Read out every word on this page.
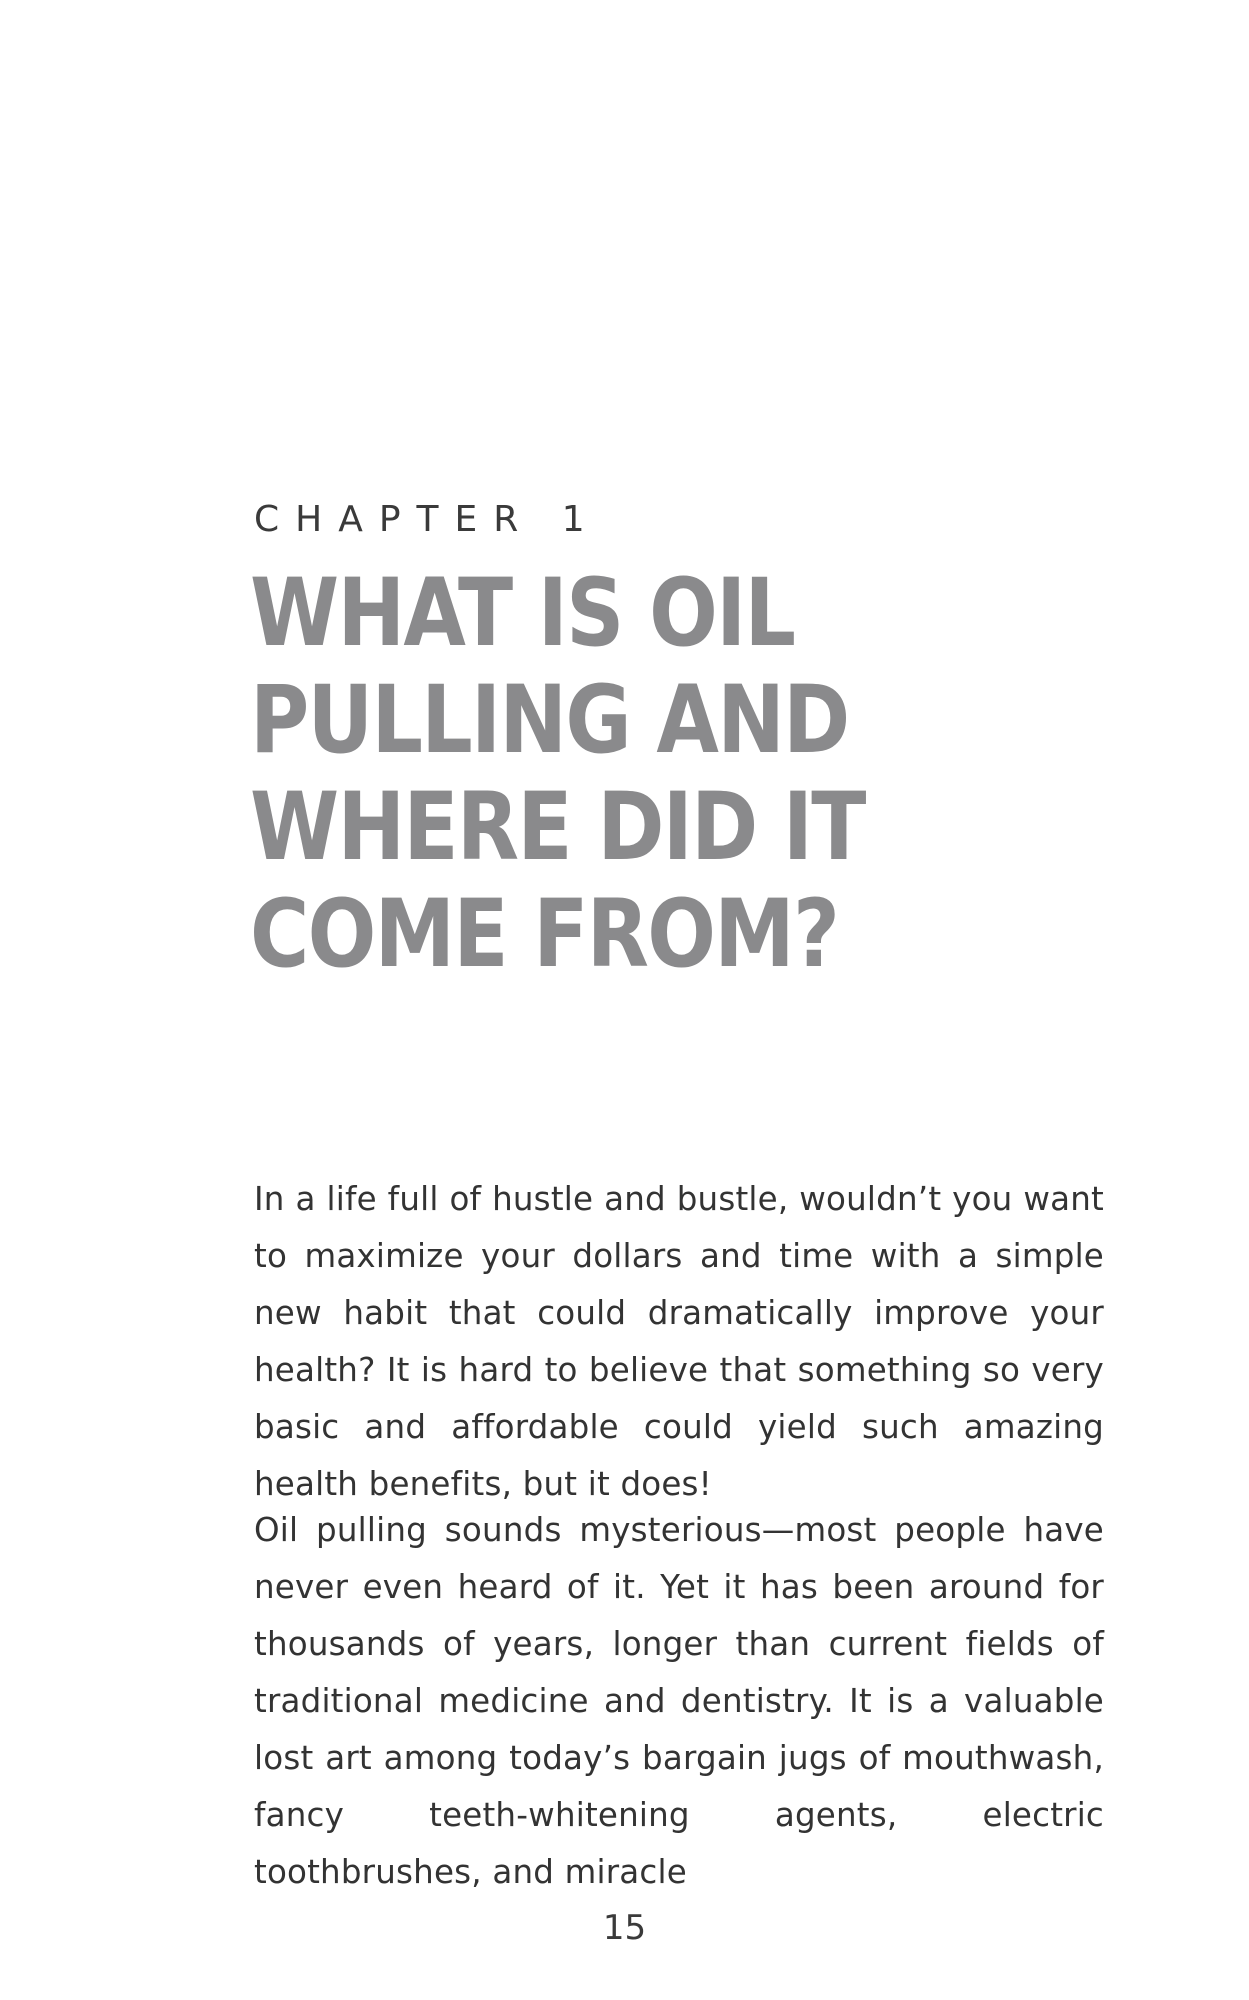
CHAPTER 1

WHAT IS OIL
PULLING AND
WHERE DID IT
COME FROM?

In a life full of hustle and bustle, wouldn’t you want to maximize your dollars and time with a simple new habit that could dramatically improve your health? It is hard to believe that something so very basic and affordable could yield such amazing health benefits, but it does!

Oil pulling sounds mysterious—most people have never even heard of it. Yet it has been around for thousands of years, longer than current fields of traditional medicine and dentistry. It is a valuable lost art among today’s bargain jugs of mouthwash, fancy teeth-whitening agents, electric toothbrushes, and miracle

15
